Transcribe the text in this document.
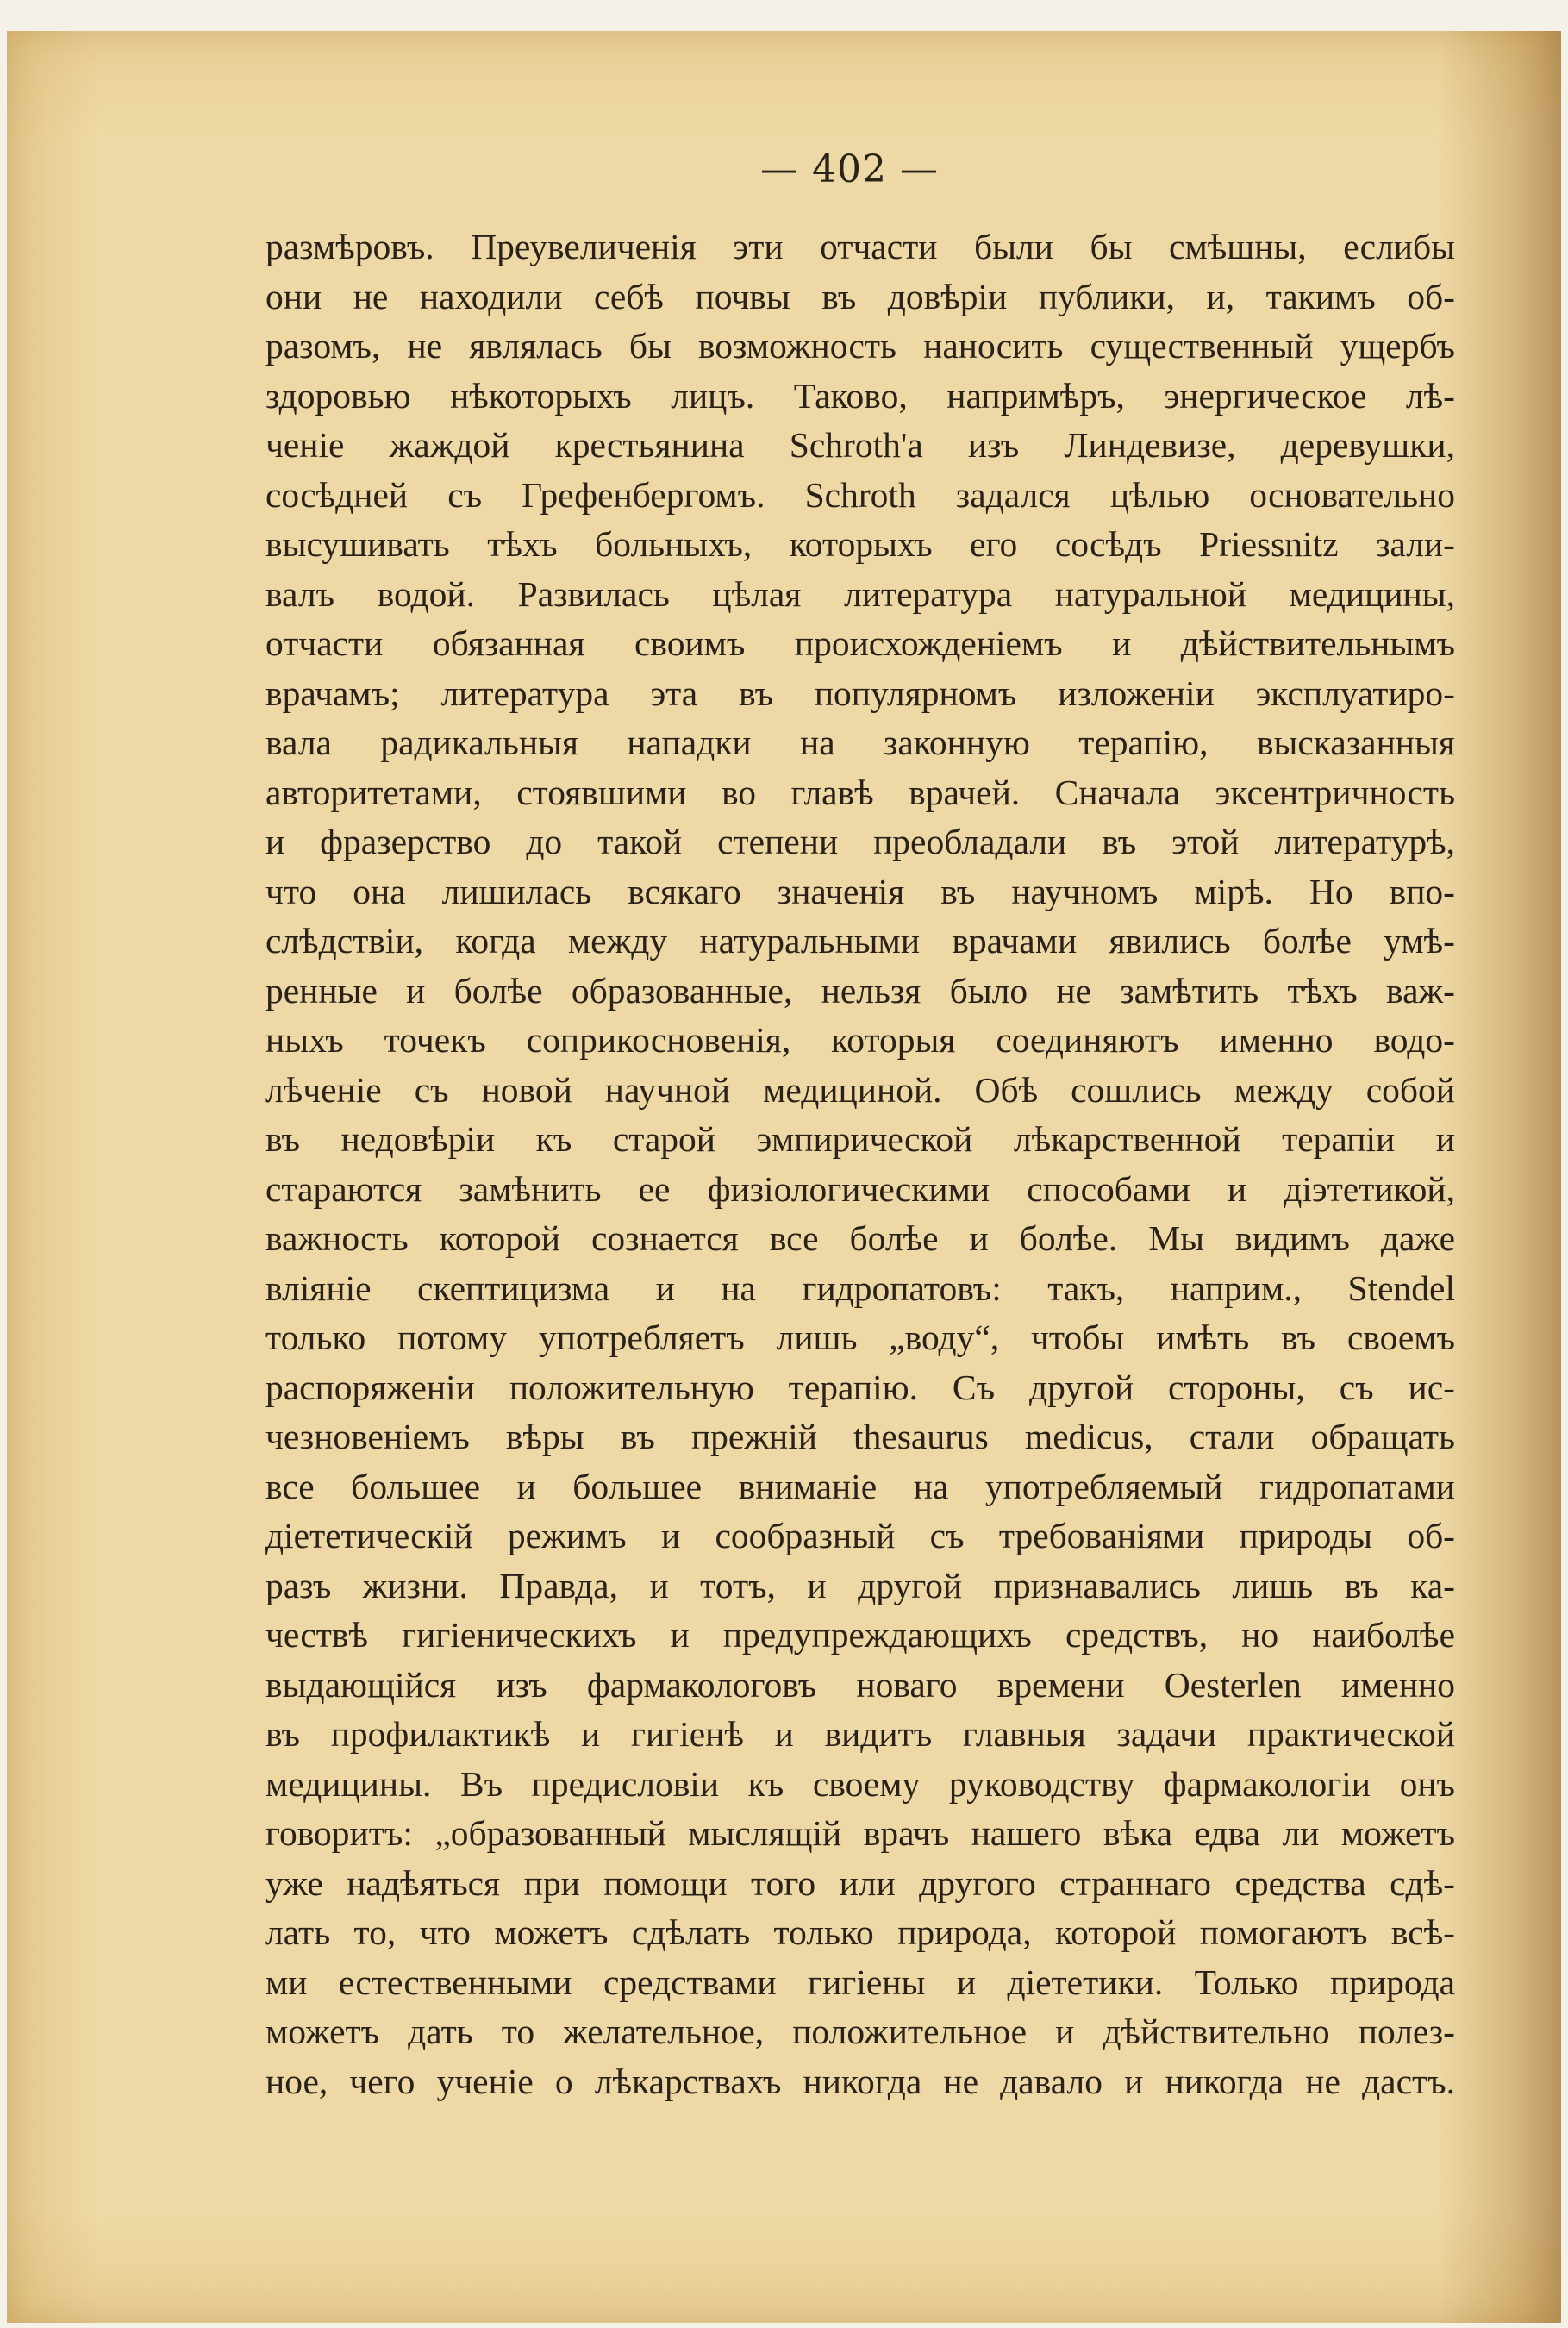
— 402 —
размѣровъ. Преувеличенія эти отчасти были бы смѣшны, еслибы
они не находили себѣ почвы въ довѣріи публики, и, такимъ об-
разомъ, не являлась бы возможность наносить существенный ущербъ
здоровью нѣкоторыхъ лицъ. Таково, напримѣръ, энергическое лѣ-
ченіе жаждой крестьянина Schroth'а изъ Линдевизе, деревушки,
сосѣдней съ Грефенбергомъ. Schroth задался цѣлью основательно
высушивать тѣхъ больныхъ, которыхъ его сосѣдъ Priessnitz зали-
валъ водой. Развилась цѣлая литература натуральной медицины,
отчасти обязанная своимъ происхожденіемъ и дѣйствительнымъ
врачамъ; литература эта въ популярномъ изложеніи эксплуатиро-
вала радикальныя нападки на законную терапію, высказанныя
авторитетами, стоявшими во главѣ врачей. Сначала эксентричность
и фразерство до такой степени преобладали въ этой литературѣ,
что она лишилась всякаго значенія въ научномъ мірѣ. Но впо-
слѣдствіи, когда между натуральными врачами явились болѣе умѣ-
ренные и болѣе образованные, нельзя было не замѣтить тѣхъ важ-
ныхъ точекъ соприкосновенія, которыя соединяютъ именно водо-
лѣченіе съ новой научной медициной. Обѣ сошлись между собой
въ недовѣріи къ старой эмпирической лѣкарственной терапіи и
стараются замѣнить ее физіологическими способами и діэтетикой,
важность которой сознается все болѣе и болѣе. Мы видимъ даже
вліяніе скептицизма и на гидропатовъ: такъ, наприм., Stendel
только потому употребляетъ лишь „воду“, чтобы имѣть въ своемъ
распоряженіи положительную терапію. Съ другой стороны, съ ис-
чезновеніемъ вѣры въ прежній thesaurus medicus, стали обращать
все большее и большее вниманіе на употребляемый гидропатами
діететическій режимъ и сообразный съ требованіями природы об-
разъ жизни. Правда, и тотъ, и другой признавались лишь въ ка-
чествѣ гигіеническихъ и предупреждающихъ средствъ, но наиболѣе
выдающійся изъ фармакологовъ новаго времени Oesterlen именно
въ профилактикѣ и гигіенѣ и видитъ главныя задачи практической
медицины. Въ предисловіи къ своему руководству фармакологіи онъ
говоритъ: „образованный мыслящій врачъ нашего вѣка едва ли можетъ
уже надѣяться при помощи того или другого страннаго средства сдѣ-
лать то, что можетъ сдѣлать только природа, которой помогаютъ всѣ-
ми естественными средствами гигіены и діететики. Только природа
можетъ дать то желательное, положительное и дѣйствительно полез-
ное, чего ученіе о лѣкарствахъ никогда не давало и никогда не дастъ.
